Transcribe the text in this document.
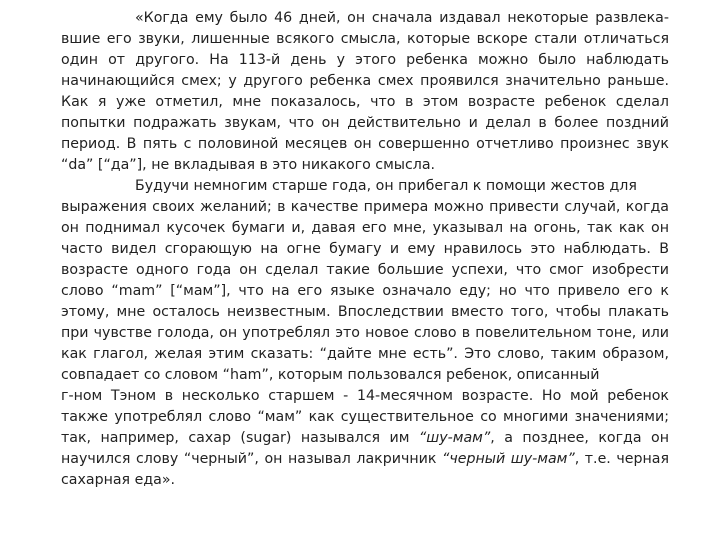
«Когда ему было 46 дней, он сначала издавал некоторые развлека-
вшие его звуки, лишенные всякого смысла, которые вскоре стали отличаться
один от другого. На 113-й день у этого ребенка можно было наблюдать
начинающийся смех; у другого ребенка смех проявился значительно раньше.
Как я уже отметил, мне показалось, что в этом возрасте ребенок сделал
попытки подражать звукам, что он действительно и делал в более поздний
период. В пять с половиной месяцев он совершенно отчетливо произнес звук
“da” [“да”], не вкладывая в это никакого смысла.
Будучи немногим старше года, он прибегал к помощи жестов для
выражения своих желаний; в качестве примера можно привести случай, когда
он поднимал кусочек бумаги и, давая его мне, указывал на огонь, так как он
часто видел сгорающую на огне бумагу и ему нравилось это наблюдать. В
возрасте одного года он сделал такие большие успехи, что смог изобрести
слово “mam” [“мам”], что на его языке означало еду; но что привело его к
этому, мне осталось неизвестным. Впоследствии вместо того, чтобы плакать
при чувстве голода, он употреблял это новое слово в повелительном тоне, или
как глагол, желая этим сказать: “дайте мне есть”. Это слово, таким образом,
совпадает со словом “ham”, которым пользовался ребенок, описанный
г-ном Тэном в несколько старшем - 14-месячном возрасте. Но мой ребенок
также употреблял слово “мам” как существительное со многими значениями;
так, например, сахар (sugar) назывался им “шу-мам”, а позднее, когда он
научился слову “черный”, он называл лакричник “черный шу-мам”, т.е. черная
сахарная еда».
